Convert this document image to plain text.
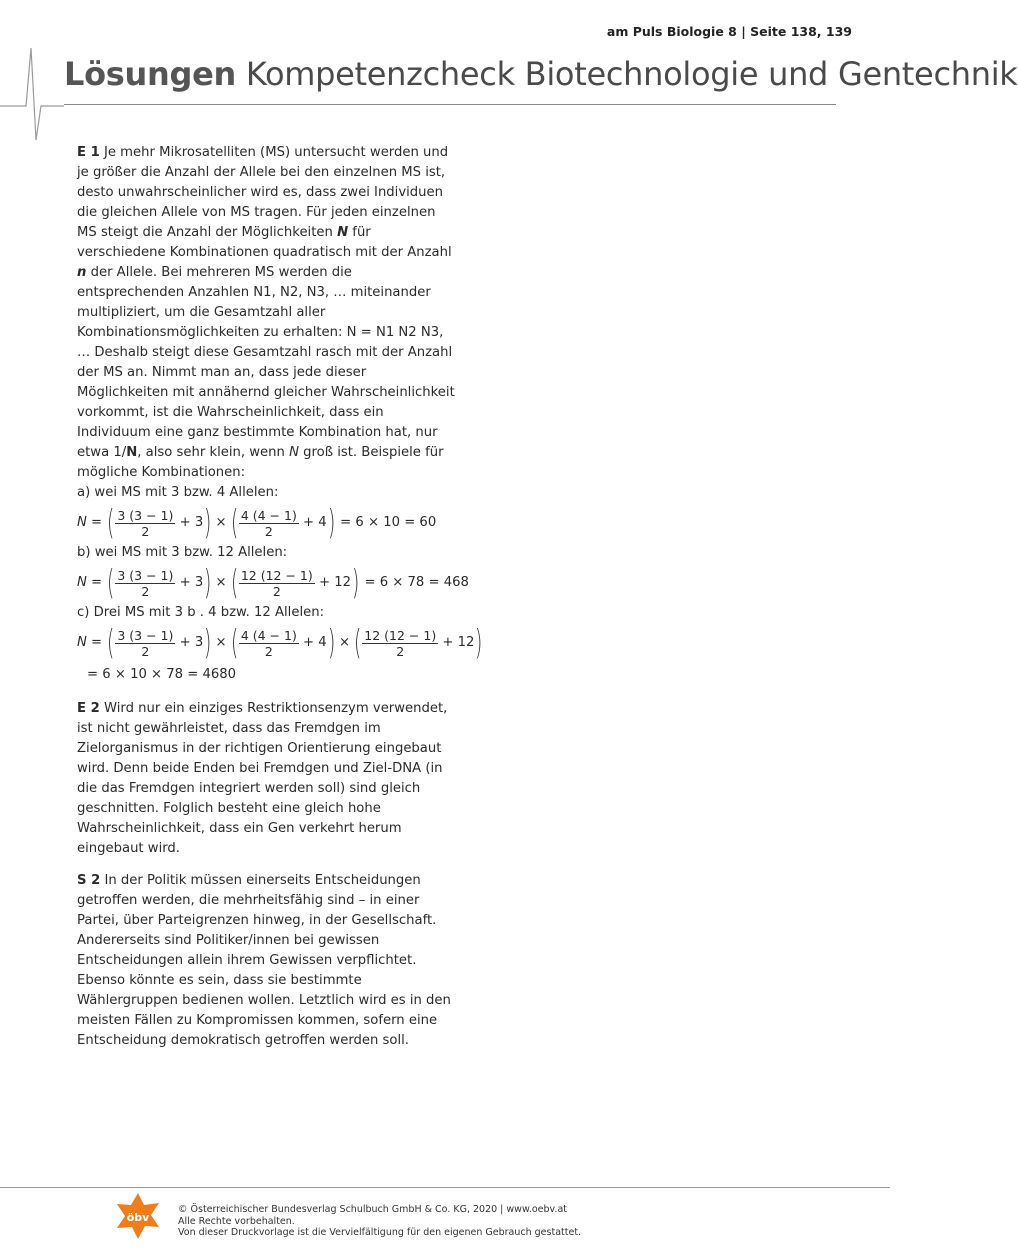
am Puls Biologie 8 | Seite 138, 139
Lösungen Kompetenzcheck Biotechnologie und Gentechnik

E 1 Je mehr Mikrosatelliten (MS) untersucht werden und je größer die Anzahl der Allele bei den einzelnen MS ist, desto unwahrscheinlicher wird es, dass zwei Individuen die gleichen Allele von MS tragen. Für jeden einzelnen MS steigt die Anzahl der Möglichkeiten N für verschiedene Kombinationen quadratisch mit der Anzahl n der Allele. Bei mehreren MS werden die entsprechenden Anzahlen N1, N2, N3, … miteinander multipliziert, um die Gesamtzahl aller Kombinationsmöglichkeiten zu erhalten: N = N1 N2 N3, … Deshalb steigt diese Gesamtzahl rasch mit der Anzahl der MS an. Nimmt man an, dass jede dieser Möglichkeiten mit annähernd gleicher Wahrscheinlichkeit vorkommt, ist die Wahrscheinlichkeit, dass ein Individuum eine ganz bestimmte Kombination hat, nur etwa 1/N, also sehr klein, wenn N groß ist. Beispiele für mögliche Kombinationen:

a) wei MS mit 3 bzw. 4 Allelen:

N = ( $\frac{3 (3 - 1)}{2}$
+ 3 ) × ( $\frac{4 (4 - 1)}{2}$
+ 4 )
= 6 × 10 = 60

b) wei MS mit 3 bzw. 12 Allelen:

N = ( $\frac{3 (3 - 1)}{2}$
+ 3 ) × ( $\frac{12 (12 - 1)}{2}$
+ 12 )
= 6 × 78 = 468

c) Drei MS mit 3 b . 4 bzw. 12 Allelen:

N = ( $\frac{3 (3 - 1)}{2}$
+ 3 ) × ( $\frac{4 (4 - 1)}{2}$
+ 4 ) × ( $\frac{12 (12 - 1)}{2}$
+ 12 )
= 6 × 10 × 78 = 4680

E 2 Wird nur ein einziges Restriktionsenzym verwendet, ist nicht gewährleistet, dass das Fremdgen im Zielorganismus in der richtigen Orientierung eingebaut wird. Denn beide Enden bei Fremdgen und Ziel-DNA (in die das Fremdgen integriert werden soll) sind gleich geschnitten. Folglich besteht eine gleich hohe Wahrscheinlichkeit, dass ein Gen verkehrt herum eingebaut wird.

S 2 In der Politik müssen einerseits Entscheidungen getroffen werden, die mehrheitsfähig sind – in einer Partei, über Parteigrenzen hinweg, in der Gesellschaft. Andererseits sind Politiker/innen bei gewissen Entscheidungen allein ihrem Gewissen verpflichtet. Ebenso könnte es sein, dass sie bestimmte Wählergruppen bedienen wollen. Letztlich wird es in den meisten Fällen zu Kompromissen kommen, sofern eine Entscheidung demokratisch getroffen werden soll.

öbv

© Österreichischer Bundesverlag Schulbuch GmbH & Co. KG, 2020 | www.oebv.at

Alle Rechte vorbehalten.

Von dieser Druckvorlage ist die Vervielfältigung für den eigenen Gebrauch gestattet.
